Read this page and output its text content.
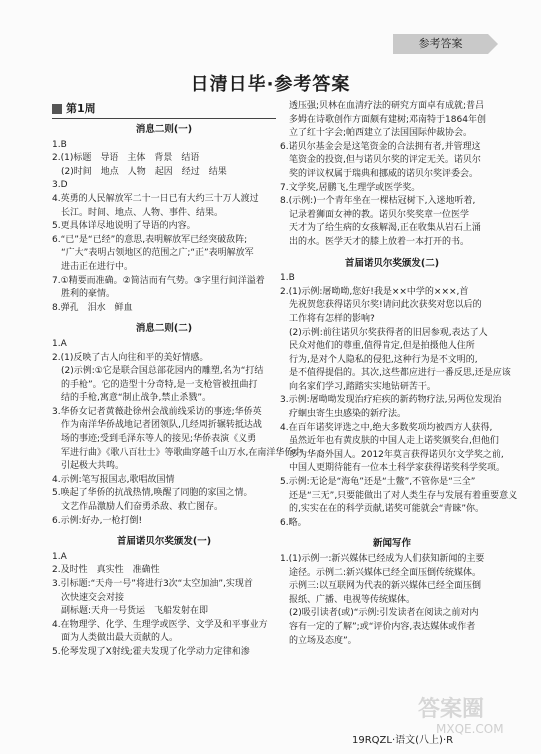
参考答案
日清日毕·参考答案
第1周
消息二则(一)
1.B
2.(1)标题　导语　主体　背景　结语
　(2)时间　地点　人物　起因　经过　结果
3.D
4.英勇的人民解放军二十一日已有大约三十万人渡过
　长江。时间、地点、人物、事件、结果。
5.更具体详尽地说明了导语的内容。
6.“已”是“已经”的意思,表明解放军已经突破敌阵;
　“广大”表明占领地区的范围之广;“正”表明解放军
　进击正在进行中。
7.①精要而准确。②简洁而有气势。③字里行间洋溢着
　胜利的豪情。
8.弹孔　泪水　鲜血
消息二则(二)
1.A
2.(1)反映了古人向往和平的美好情感。
　(2)示例:①它是联合国总部花园内的雕塑,名为“打结
　的手枪”。它的造型十分奇特,是一支枪管被扭曲打
　结的手枪,寓意“制止战争,禁止杀戮”。
3.华侨女记者黄薇赴徐州会战前线采访的事迹;华侨英
　作为南洋华侨战地记者团领队,几经周折辗转抵达战
　场的事迹;受到毛泽东等人的接见;华侨表演《义勇
　军进行曲》《歌八百壮士》等歌曲穿越千山万水,在南洋华侨中
　引起极大共鸣。
4.示例:笔写报国志,歌唱故国情
5.唤起了华侨的抗战热情,唤醒了同胞的家国之情。
　文艺作品激励人们奋勇杀敌、救亡图存。
6.示例:好办,一枪打倒!
首届诺贝尔奖颁发(一)
1.A
2.及时性　真实性　准确性
3.引标题:“天舟一号”将进行3次“太空加油”,实现首
　次快速交会对接
　副标题:天舟一号货运　飞船发射在即
4.在物理学、化学、生理学或医学、文学及和平事业方
　面为人类做出最大贡献的人。
5.伦琴发现了X射线;霍夫发现了化学动力定律和渗
　透压强;贝林在血清疗法的研究方面卓有成就;普吕
　多姆在诗歌创作方面颇有建树;邓南特于1864年创
　立了红十字会;帕西建立了法国国际仲裁协会。
6.诺贝尔基金会是这笔资金的合法拥有者,并管理这
　笔资金的投资,但与诺贝尔奖的评定无关。诺贝尔
　奖的评议权属于瑞典和挪威的诺贝尔奖评委会。
7.文学奖,居鹏飞,生理学或医学奖。
8.(示例:)一个青年坐在一棵枯冠树下,入迷地听着,
　记录着狮面女神的教。诺贝尔奖奖章一位医学
　天才为了给生病的女孩解渴,正在收集从岩石上涌
　出的水。医学天才的膝上放着一本打开的书。
首届诺贝尔奖颁发(二)
1.B
2.(1)示例:屠呦呦,您好!我是××中学的×××,首
　先祝贺您获得诺贝尔奖!请问此次获奖对您以后的
　工作将有怎样的影响?
　(2)示例:前往诺贝尔奖获得者的旧居参观,表达了人
　民众对他们的尊重,值得肯定,但是拍摄他人住所
　行为,是对个人隐私的侵犯,这种行为是不文明的,
　是不值得提倡的。其次,这些都应进行一番反思,还是应该
　向名家们学习,踏踏实实地钻研苦干。
3.示例:屠呦呦发现治疗疟疾的新药物疗法,另两位发现治
　疗蛔虫寄生虫感染的新疗法。
4.在百年诺奖评选之中,绝大多数奖项均被西方人获得,
　虽然近年也有黄皮肤的中国人走上诺奖颁奖台,但他们
　多为华裔外国人。2012年莫言获得诺贝尔文学奖之前,
　中国人更期待能有一位本土科学家获得诺奖科学奖项。
5.示例:无论是“海龟”还是“土鳖”,不管你是“三全”
　还是“三无”,只要能做出了对人类生存与发展有着重要意义
　的,实实在在的科学贡献,诺奖可能就会“青睐”你。
6.略。
新闻写作
1.(1)示例一:新兴媒体已经成为人们获知新闻的主要
　途径。示例二:新兴媒体已经全面压倒传统媒体。
　示例三:以互联网为代表的新兴媒体已经全面压倒
　报纸、广播、电视等传统媒体。
　(2)吸引读者(或)“示例:引发读者在阅读之前对内
　容有一定的了解”;或“评价内容,表达媒体或作者
　的立场及态度”。
19RQZL·语文(八上)·R
答案圈
MXQE.COM
